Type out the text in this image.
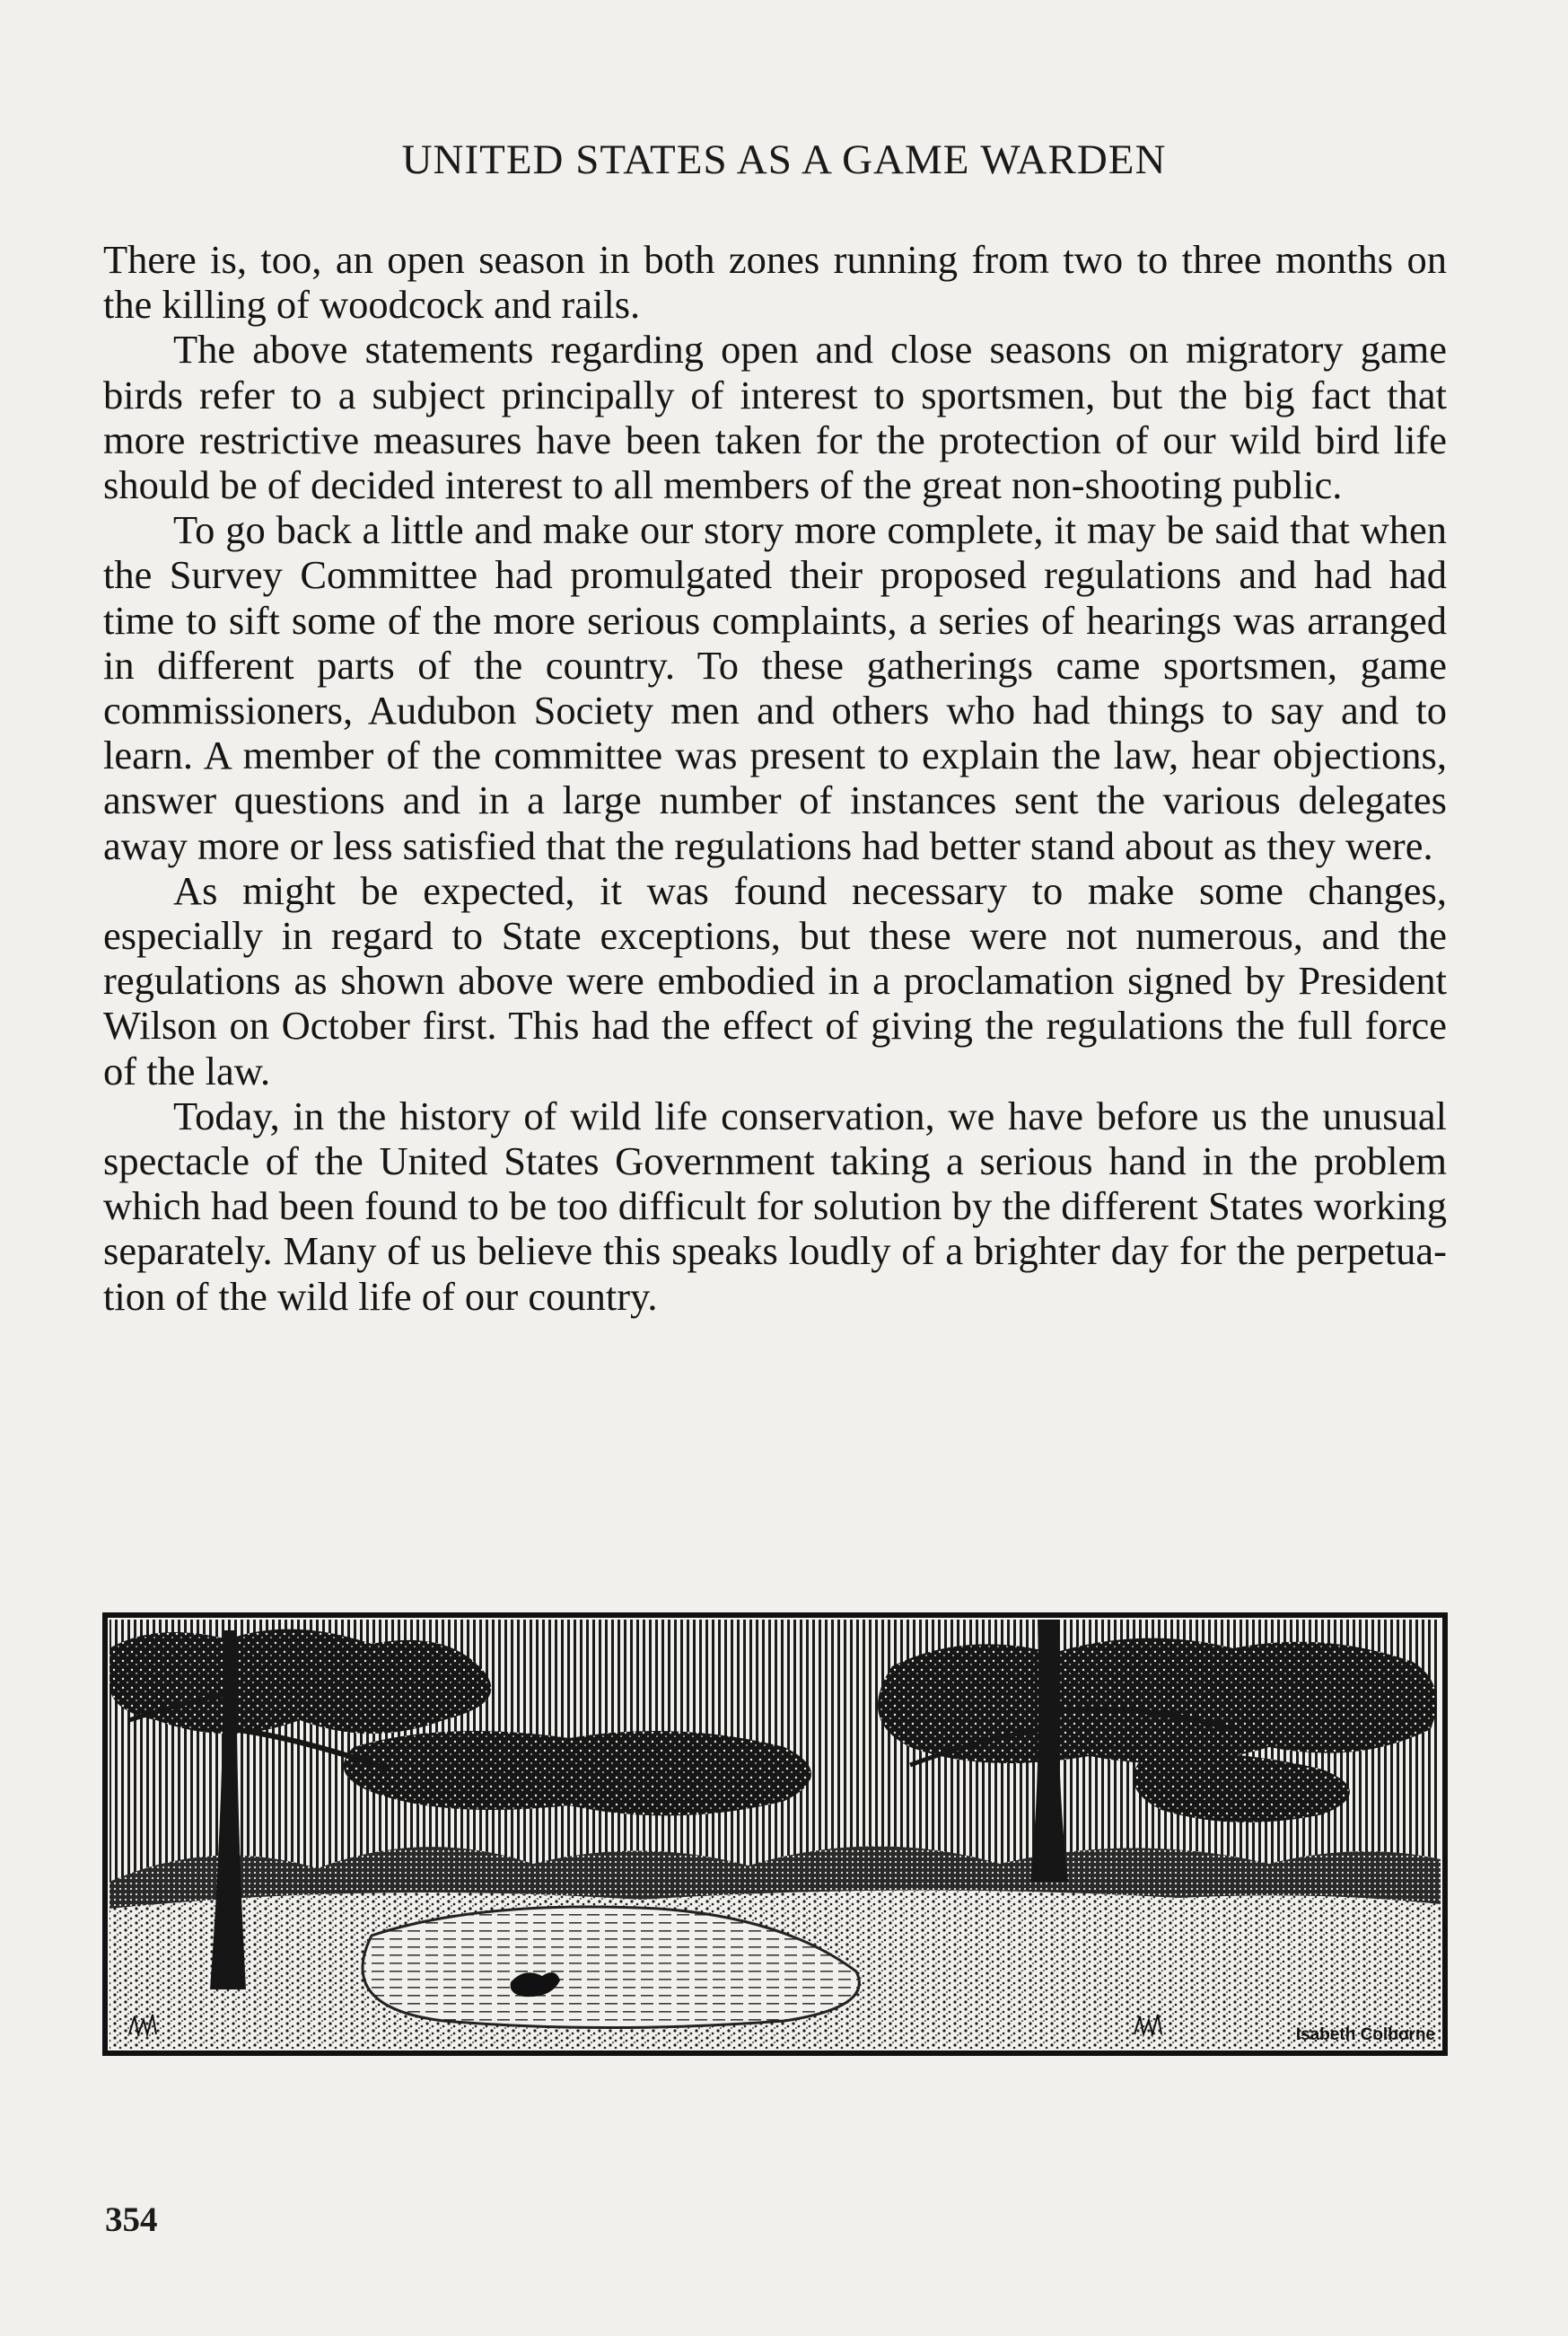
UNITED STATES AS A GAME WARDEN

There is, too, an open season in both zones running from two to three months on the killing of woodcock and rails.

The above statements regarding open and close seasons on migratory game birds refer to a subject principally of interest to sportsmen, but the big fact that more restrictive measures have been taken for the protection of our wild bird life should be of decided interest to all members of the great non-shooting public.

To go back a little and make our story more complete, it may be said that when the Survey Committee had promulgated their proposed regulations and had had time to sift some of the more serious complaints, a series of hearings was arranged in different parts of the country. To these gatherings came sportsmen, game commissioners, Audubon Society men and others who had things to say and to learn. A member of the committee was present to explain the law, hear objections, answer questions and in a large number of instances sent the various delegates away more or less satisfied that the regulations had better stand about as they were.

As might be expected, it was found necessary to make some changes, especially in regard to State exceptions, but these were not numerous, and the regulations as shown above were embodied in a proclamation signed by President Wilson on October first. This had the effect of giving the regulations the full force of the law.

Today, in the history of wild life conservation, we have before us the unusual spectacle of the United States Government taking a serious hand in the problem which had been found to be too difficult for solution by the different States working separately. Many of us believe this speaks loudly of a brighter day for the perpetuation of the wild life of our country.

Isabeth Colborne
354
